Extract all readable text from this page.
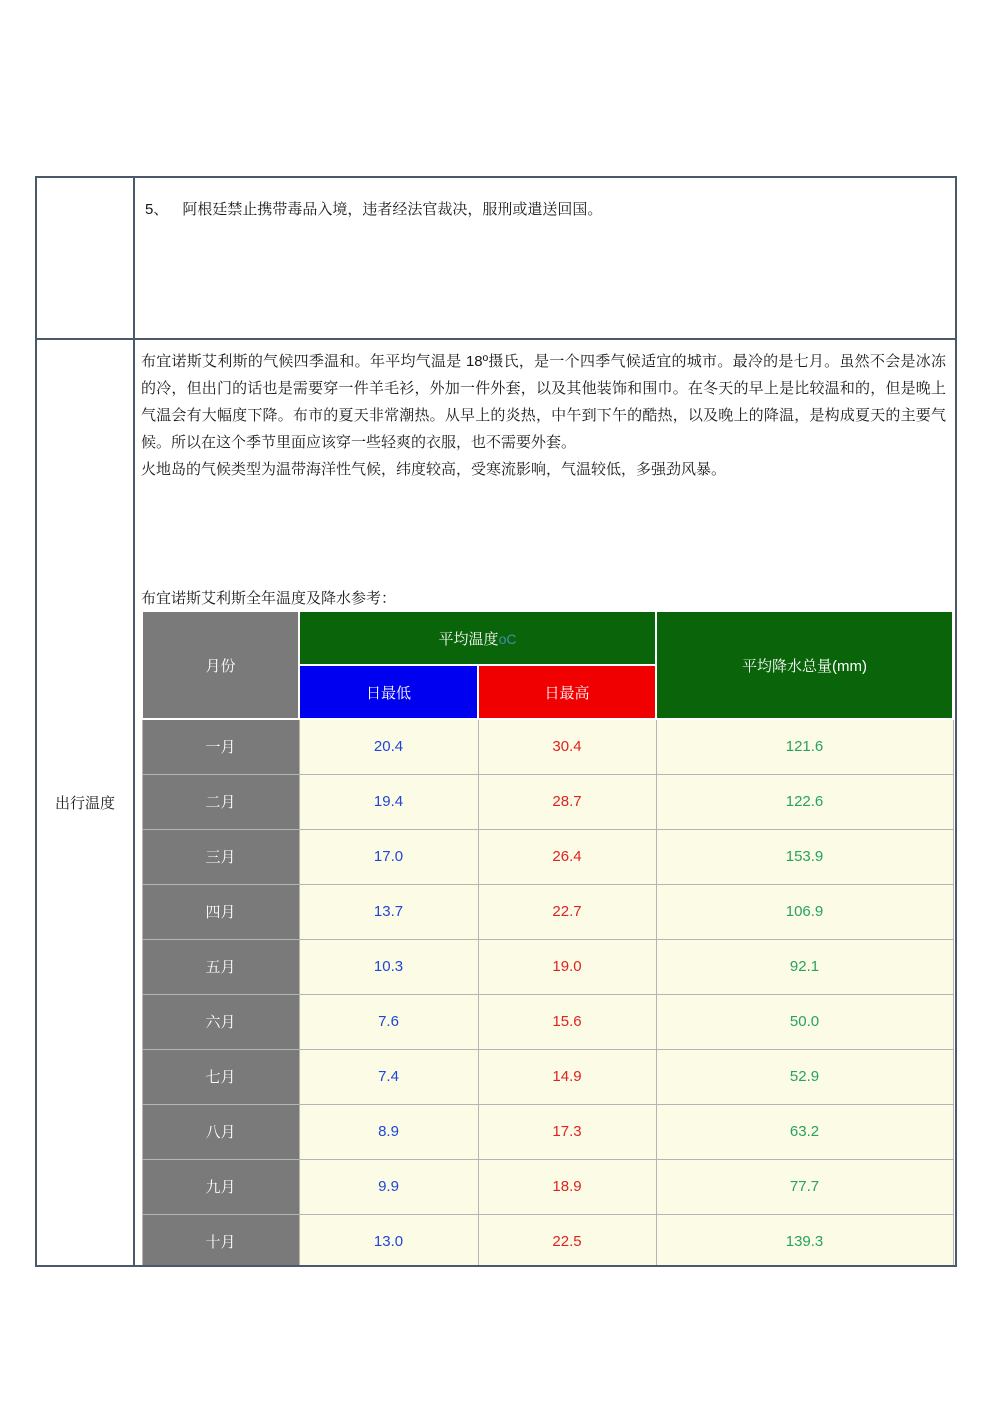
5、 阿根廷禁止携带毒品入境，违者经法官裁决，服刑或遣送回国。
出行温度

布宜诺斯艾利斯的气候四季温和。年平均气温是 18º摄氏，是一个四季气候适宜的城市。最冷的是七月。虽然不会是冰冻的冷，但出门的话也是需要穿一件羊毛衫，外加一件外套，以及其他装饰和围巾。在冬天的早上是比较温和的，但是晚上气温会有大幅度下降。布市的夏天非常潮热。从早上的炎热，中午到下午的酷热，以及晚上的降温，是构成夏天的主要气候。所以在这个季节里面应该穿一些轻爽的衣服，也不需要外套。

火地岛的气候类型为温带海洋性气候，纬度较高，受寒流影响，气温较低，多强劲风暴。

布宜诺斯艾利斯全年温度及降水参考：
月份	平均温度oC		平均降水总量(mm)
	日最低	日最高	
一月	20.4	30.4	121.6
二月	19.4	28.7	122.6
三月	17.0	26.4	153.9
四月	13.7	22.7	106.9
五月	10.3	19.0	92.1
六月	7.6	15.6	50.0
七月	7.4	14.9	52.9
八月	8.9	17.3	63.2
九月	9.9	18.9	77.7
十月	13.0	22.5	139.3
